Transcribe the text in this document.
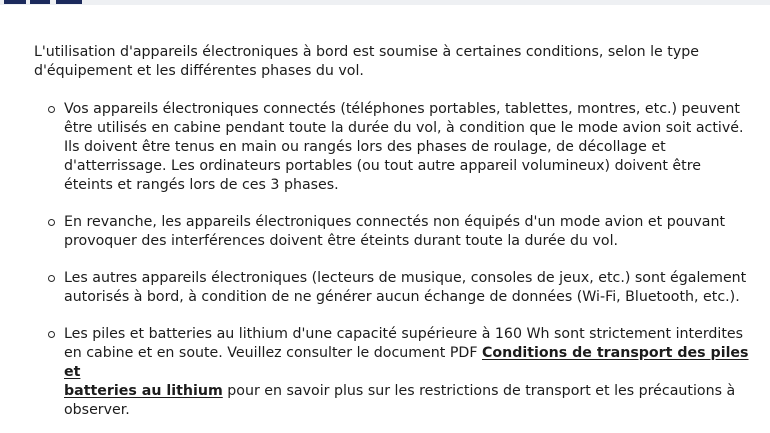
L'utilisation d'appareils électroniques à bord est soumise à certaines conditions, selon le type
d'équipement et les différentes phases du vol.

Vos appareils électroniques connectés (téléphones portables, tablettes, montres, etc.) peuvent
être utilisés en cabine pendant toute la durée du vol, à condition que le mode avion soit activé.
Ils doivent être tenus en main ou rangés lors des phases de roulage, de décollage et
d'atterrissage. Les ordinateurs portables (ou tout autre appareil volumineux) doivent être
éteints et rangés lors de ces 3 phases.
En revanche, les appareils électroniques connectés non équipés d'un mode avion et pouvant
provoquer des interférences doivent être éteints durant toute la durée du vol.
Les autres appareils électroniques (lecteurs de musique, consoles de jeux, etc.) sont également
autorisés à bord, à condition de ne générer aucun échange de données (Wi-Fi, Bluetooth, etc.).
Les piles et batteries au lithium d'une capacité supérieure à 160 Wh sont strictement interdites
en cabine et en soute. Veuillez consulter le document PDF Conditions de transport des piles et
batteries au lithium pour en savoir plus sur les restrictions de transport et les précautions à
observer.
